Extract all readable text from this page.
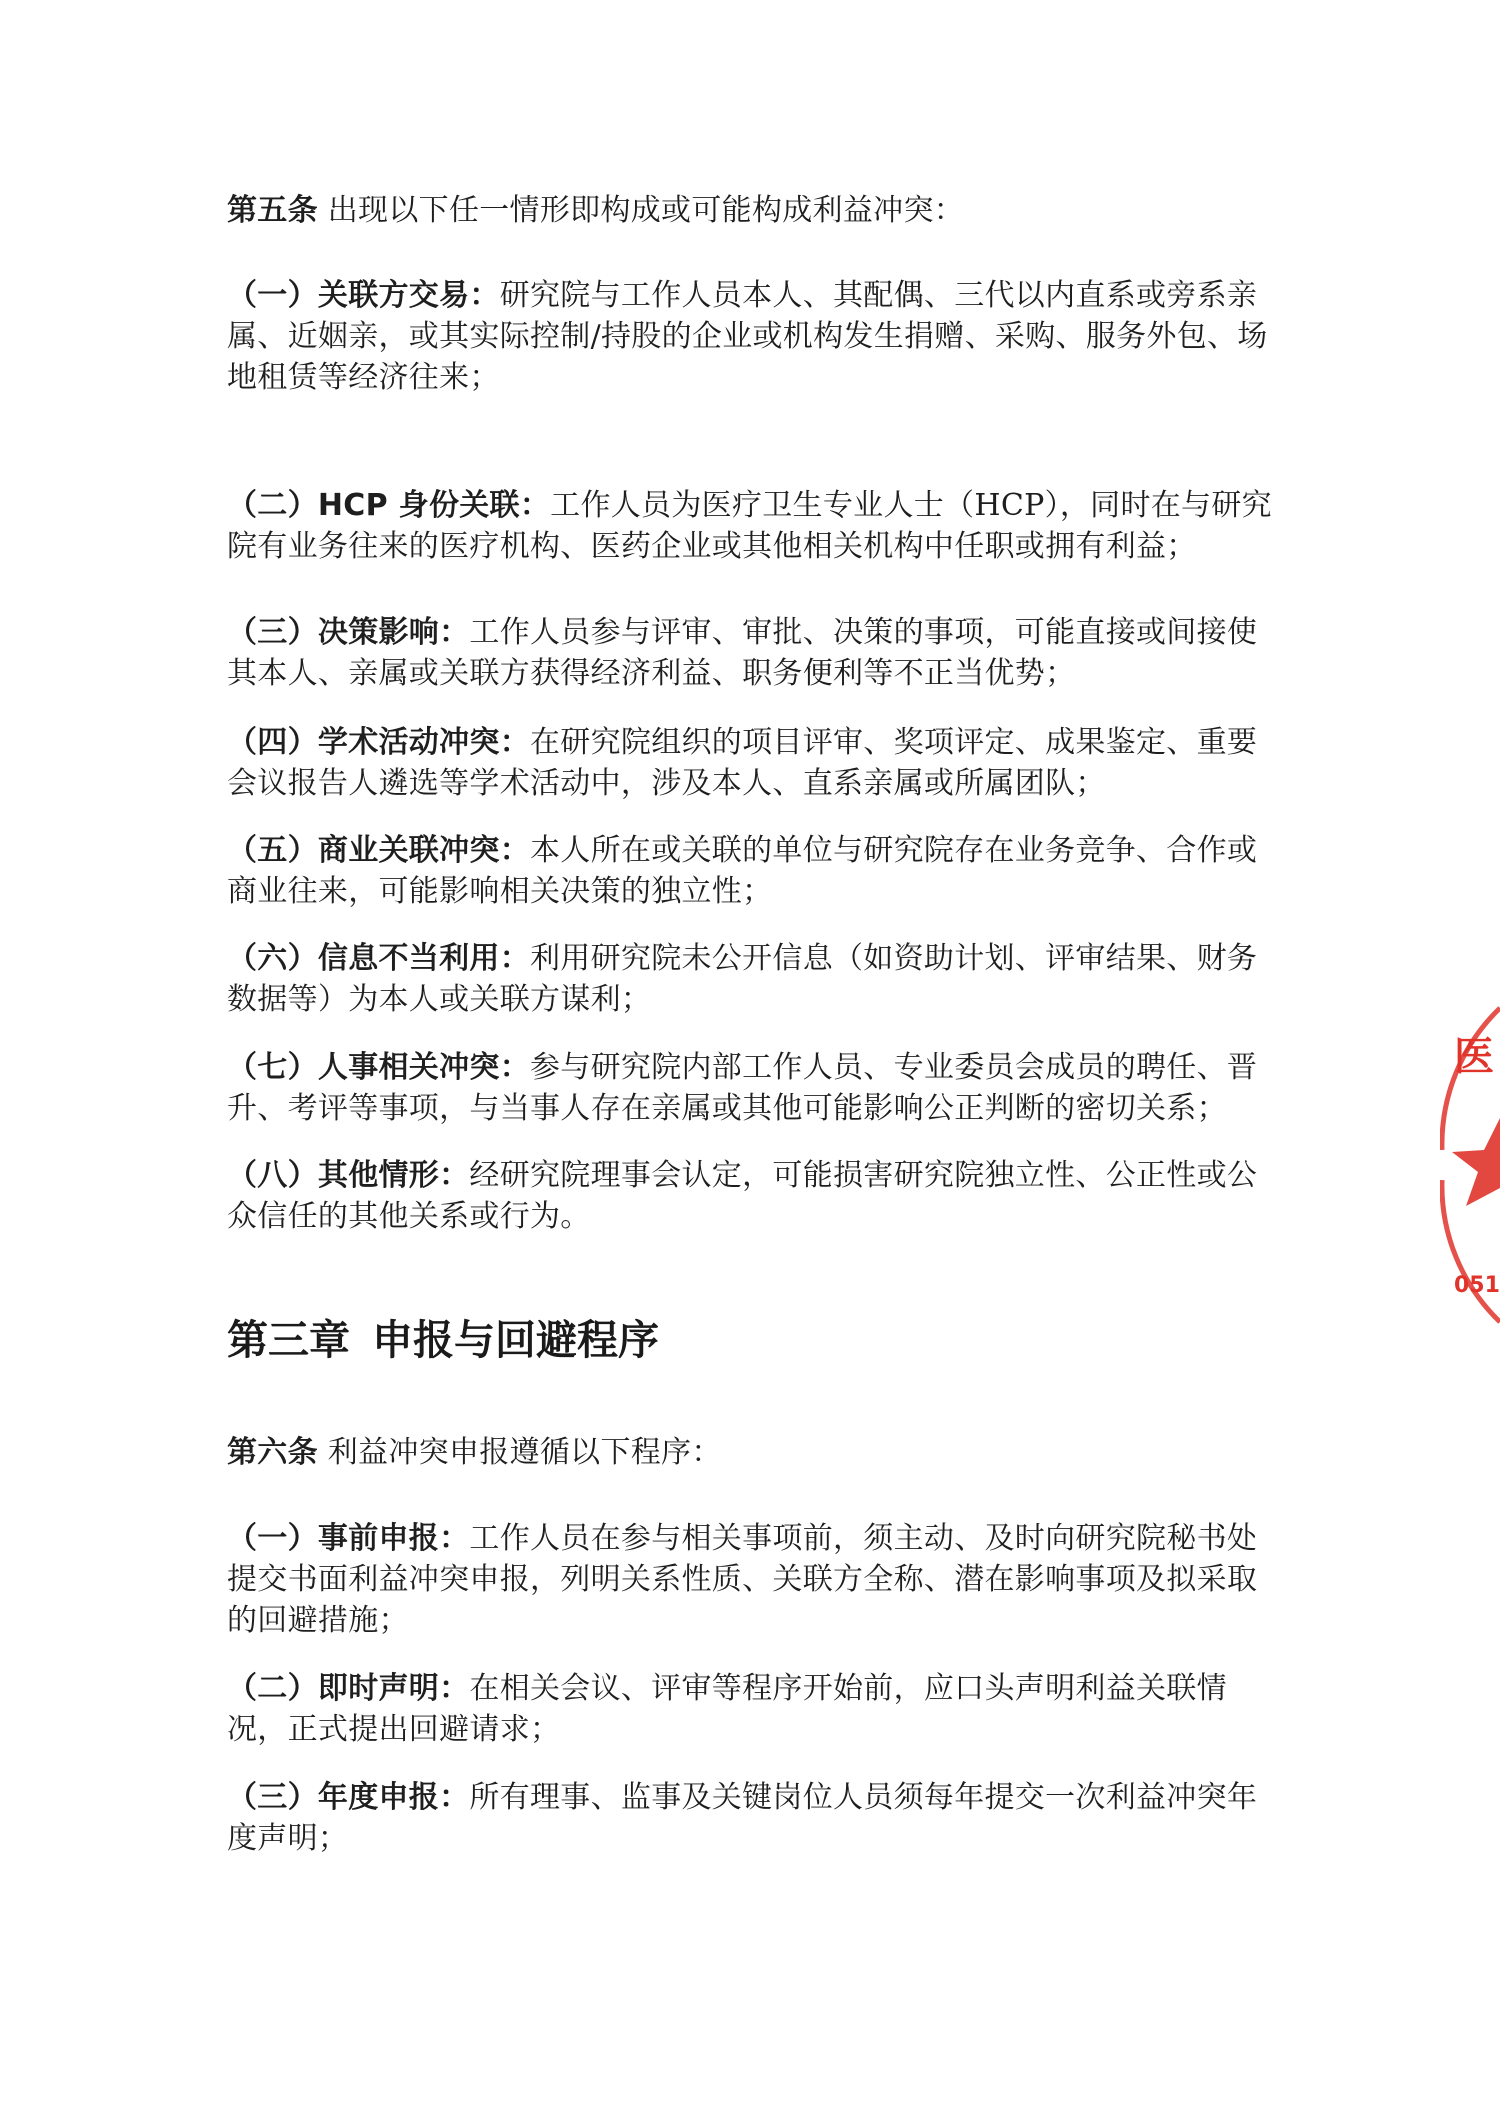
第五条 出现以下任一情形即构成或可能构成利益冲突：

（一）关联方交易：研究院与工作人员本人、其配偶、三代以内直系或旁系亲属、近姻亲，或其实际控制/持股的企业或机构发生捐赠、采购、服务外包、场地租赁等经济往来；

（二）HCP 身份关联：工作人员为医疗卫生专业人士（HCP），同时在与研究院有业务往来的医疗机构、医药企业或其他相关机构中任职或拥有利益；

（三）决策影响：工作人员参与评审、审批、决策的事项，可能直接或间接使其本人、亲属或关联方获得经济利益、职务便利等不正当优势；

（四）学术活动冲突：在研究院组织的项目评审、奖项评定、成果鉴定、重要会议报告人遴选等学术活动中，涉及本人、直系亲属或所属团队；

（五）商业关联冲突：本人所在或关联的单位与研究院存在业务竞争、合作或商业往来，可能影响相关决策的独立性；

（六）信息不当利用：利用研究院未公开信息（如资助计划、评审结果、财务数据等）为本人或关联方谋利；

（七）人事相关冲突：参与研究院内部工作人员、专业委员会成员的聘任、晋升、考评等事项，与当事人存在亲属或其他可能影响公正判断的密切关系；

（八）其他情形：经研究院理事会认定，可能损害研究院独立性、公正性或公众信任的其他关系或行为。

第三章 申报与回避程序

第六条 利益冲突申报遵循以下程序：

（一）事前申报：工作人员在参与相关事项前，须主动、及时向研究院秘书处提交书面利益冲突申报，列明关系性质、关联方全称、潜在影响事项及拟采取的回避措施；

（二）即时声明：在相关会议、评审等程序开始前，应口头声明利益关联情况，正式提出回避请求；

（三）年度申报：所有理事、监事及关键岗位人员须每年提交一次利益冲突年度声明；

医
051
